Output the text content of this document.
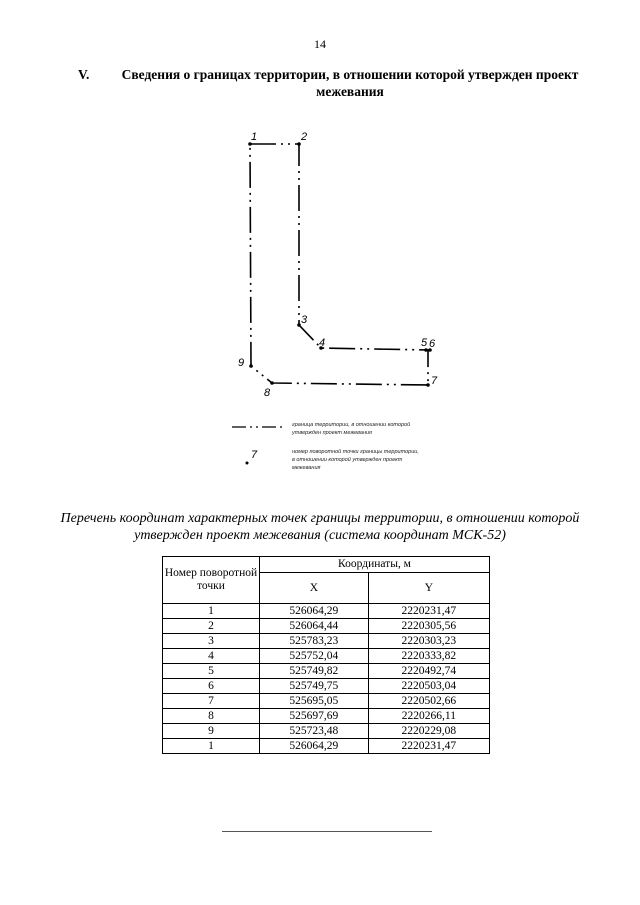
14
V.	Сведения о границах территории, в отношении которой утвержден проект межевания
1	2
3
4	5 6
7
8
9
граница территории, в отношении которой
утвержден проект межевания
7	номер поворотной точки границы территории,
в отношении которой утвержден проект
межевания
Перечень координат характерных точек границы территории, в отношении которой утвержден проект межевания (система координат МСК-52)
Номер поворотной точки	Координаты, м	
	X	Y
1	526064,29	2220231,47
2	526064,44	2220305,56
3	525783,23	2220303,23
4	525752,04	2220333,82
5	525749,82	2220492,74
6	525749,75	2220503,04
7	525695,05	2220502,66
8	525697,69	2220266,11
9	525723,48	2220229,08
1	526064,29	2220231,47
